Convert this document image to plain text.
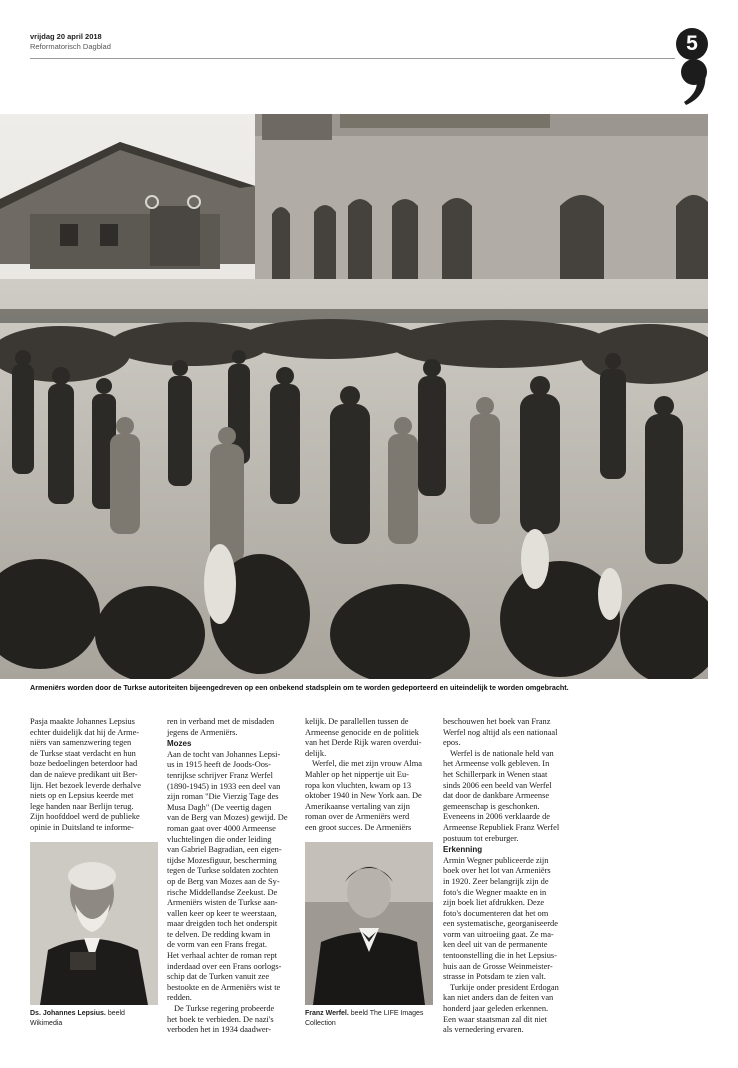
vrijdag 20 april 2018
Reformatorisch Dagblad	5
Armeniërs worden door de Turkse autoriteiten bijeengedreven op een onbekend stadsplein om te worden gedeporteerd en uiteindelijk te worden omgebracht.

Pasja maakte Johannes Lepsius

echter duidelijk dat hij de Arme-

niërs van samenzwering tegen

de Turkse staat verdacht en hun

boze bedoelingen beterdoor had

dan de naïeve predikant uit Ber-

lijn. Het bezoek leverde derhalve

niets op en Lepsius keerde met

lege handen naar Berlijn terug.

Zijn hoofddoel werd de publieke

opinie in Duitsland te informe-

ren in verband met de misdaden

jegens de Armeniërs.

Mozes

Aan de tocht van Johannes Lepsi-

us in 1915 heeft de Joods-Oos-

tenrijkse schrijver Franz Werfel

(1890-1945) in 1933 een deel van

zijn roman "Die Vierzig Tage des

Musa Dagh" (De veertig dagen

van de Berg van Mozes) gewijd. De

roman gaat over 4000 Armeense

vluchtelingen die onder leiding

van Gabriel Bagradian, een eigen-

tijdse Mozesfiguur, bescherming

tegen de Turkse soldaten zochten

op de Berg van Mozes aan de Sy-

rische Middellandse Zeekust. De

Armeniërs wisten de Turkse aan-

vallen keer op keer te weerstaan,

maar dreigden toch het onderspit

te delven. De redding kwam in

de vorm van een Frans fregat.

Het verhaal achter de roman rept

inderdaad over een Frans oorlogs-

schip dat de Turken vanuit zee

bestookte en de Armeniërs wist te

redden.

De Turkse regering probeerde

het boek te verbieden. De nazi's

verboden het in 1934 daadwer-

kelijk. De parallellen tussen de

Armeense genocide en de politiek

van het Derde Rijk waren overdui-

delijk.

Werfel, die met zijn vrouw Alma

Mahler op het nippertje uit Eu-

ropa kon vluchten, kwam op 13

oktober 1940 in New York aan. De

Amerikaanse vertaling van zijn

roman over de Armeniërs werd

een groot succes. De Armeniërs

beschouwen het boek van Franz

Werfel nog altijd als een nationaal

epos.

Werfel is de nationale held van

het Armeense volk gebleven. In

het Schillerpark in Wenen staat

sinds 2006 een beeld van Werfel

dat door de dankbare Armeense

gemeenschap is geschonken.

Eveneens in 2006 verklaarde de

Armeense Republiek Franz Werfel

postuum tot ereburger.

Erkenning

Armin Wegner publiceerde zijn

boek over het lot van Armeniërs

in 1920. Zeer belangrijk zijn de

foto's die Wegner maakte en in

zijn boek liet afdrukken. Deze

foto's documenteren dat het om

een systematische, georganiseerde

vorm van uitroeiing gaat. Ze ma-

ken deel uit van de permanente

tentoonstelling die in het Lepsius-

huis aan de Grosse Weinmeister-

strasse in Potsdam te zien valt.

Turkije onder president Erdogan

kan niet anders dan de feiten van

honderd jaar geleden erkennen.

Een waar staatsman zal dit niet

als vernedering ervaren.

Ds. Johannes Lepsius. beeld
Wikimedia
Franz Werfel. beeld The LIFE Images
Collection
